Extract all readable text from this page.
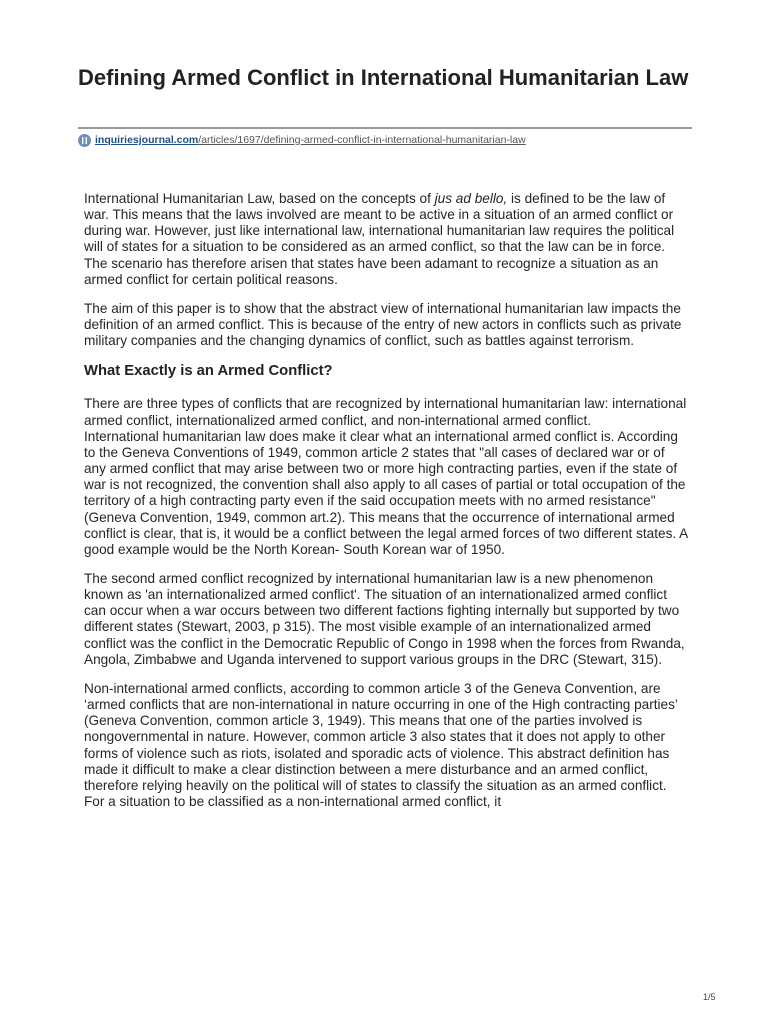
Defining Armed Conflict in International Humanitarian Law
inquiriesjournal.com /articles/1697/defining-armed-conflict-in-international-humanitarian-law

International Humanitarian Law, based on the concepts of jus ad bello, is defined to be the law of war. This means that the laws involved are meant to be active in a situation of an armed conflict or during war. However, just like international law, international humanitarian law requires the political will of states for a situation to be considered as an armed conflict, so that the law can be in force. The scenario has therefore arisen that states have been adamant to recognize a situation as an armed conflict for certain political reasons.

The aim of this paper is to show that the abstract view of international humanitarian law impacts the definition of an armed conflict. This is because of the entry of new actors in conflicts such as private military companies and the changing dynamics of conflict, such as battles against terrorism.

What Exactly is an Armed Conflict?

There are three types of conflicts that are recognized by international humanitarian law: international armed conflict, internationalized armed conflict, and non-international armed conflict.

International humanitarian law does make it clear what an international armed conflict is. According to the Geneva Conventions of 1949, common article 2 states that "all cases of declared war or of any armed conflict that may arise between two or more high contracting parties, even if the state of war is not recognized, the convention shall also apply to all cases of partial or total occupation of the territory of a high contracting party even if the said occupation meets with no armed resistance" (Geneva Convention, 1949, common art.2). This means that the occurrence of international armed conflict is clear, that is, it would be a conflict between the legal armed forces of two different states. A good example would be the North Korean- South Korean war of 1950.

The second armed conflict recognized by international humanitarian law is a new phenomenon known as 'an internationalized armed conflict'. The situation of an internationalized armed conflict can occur when a war occurs between two different factions fighting internally but supported by two different states (Stewart, 2003, p 315). The most visible example of an internationalized armed conflict was the conflict in the Democratic Republic of Congo in 1998 when the forces from Rwanda, Angola, Zimbabwe and Uganda intervened to support various groups in the DRC (Stewart, 315).

Non-international armed conflicts, according to common article 3 of the Geneva Convention, are ‘armed conflicts that are non-international in nature occurring in one of the High contracting parties’ (Geneva Convention, common article 3, 1949). This means that one of the parties involved is nongovernmental in nature. However, common article 3 also states that it does not apply to other forms of violence such as riots, isolated and sporadic acts of violence. This abstract definition has made it difficult to make a clear distinction between a mere disturbance and an armed conflict, therefore relying heavily on the political will of states to classify the situation as an armed conflict. For a situation to be classified as a non-international armed conflict, it

1/5
